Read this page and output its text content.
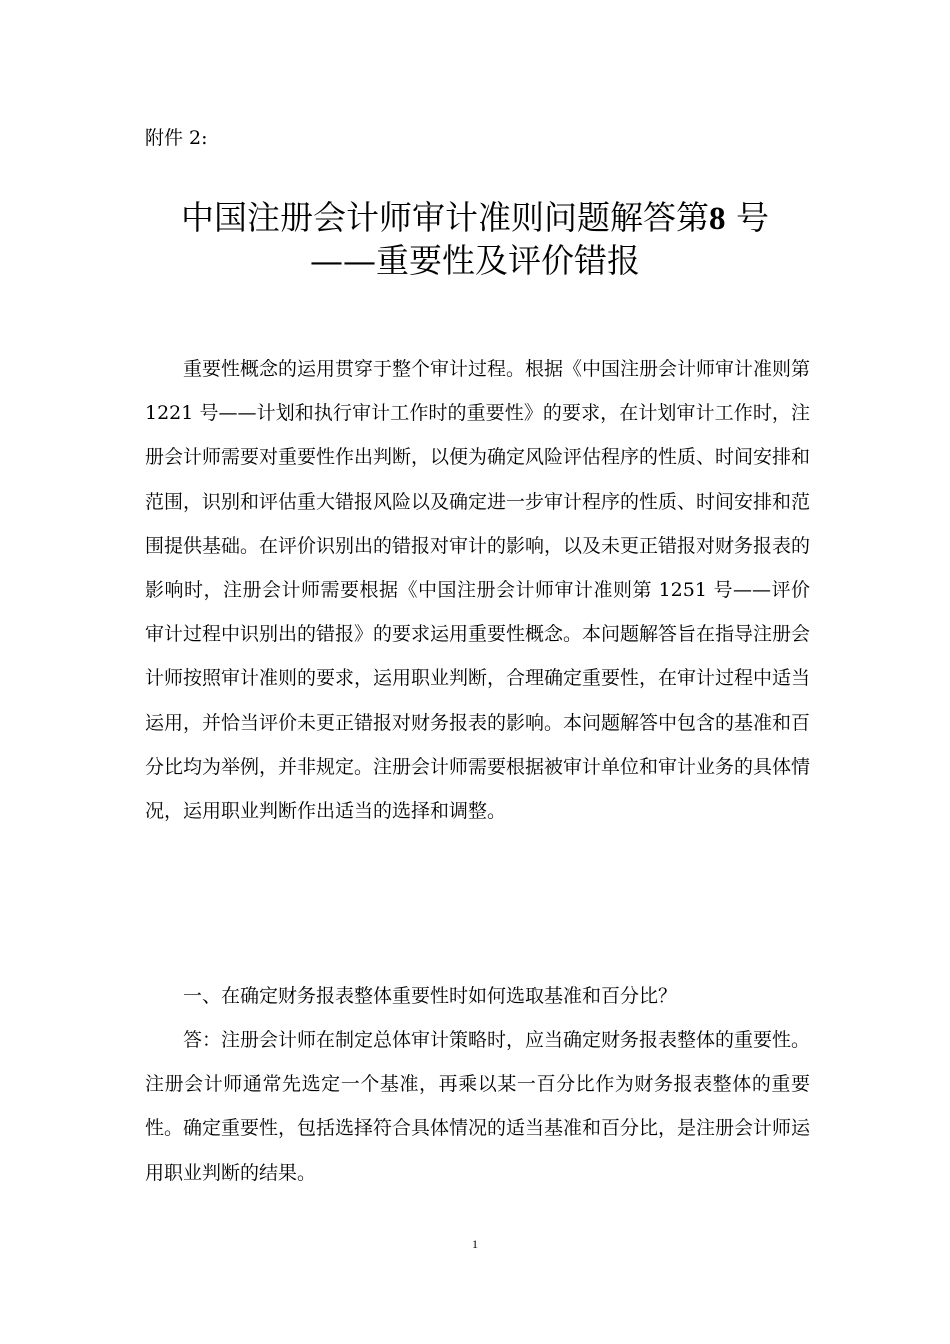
附件 2:
中国注册会计师审计准则问题解答第8 号
——重要性及评价错报

重要性概念的运用贯穿于整个审计过程。根据《中国注册会计师审计准则第 1221 号——计划和执行审计工作时的重要性》的要求，在计划审计工作时，注册会计师需要对重要性作出判断，以便为确定风险评估程序的性质、时间安排和范围，识别和评估重大错报风险以及确定进一步审计程序的性质、时间安排和范围提供基础。在评价识别出的错报对审计的影响，以及未更正错报对财务报表的影响时，注册会计师需要根据《中国注册会计师审计准则第 1251 号——评价审计过程中识别出的错报》的要求运用重要性概念。本问题解答旨在指导注册会计师按照审计准则的要求，运用职业判断，合理确定重要性，在审计过程中适当运用，并恰当评价未更正错报对财务报表的影响。本问题解答中包含的基准和百分比均为举例，并非规定。注册会计师需要根据被审计单位和审计业务的具体情况，运用职业判断作出适当的选择和调整。

一、在确定财务报表整体重要性时如何选取基准和百分比？

答：注册会计师在制定总体审计策略时，应当确定财务报表整体的重要性。注册会计师通常先选定一个基准，再乘以某一百分比作为财务报表整体的重要性。确定重要性，包括选择符合具体情况的适当基准和百分比，是注册会计师运用职业判断的结果。

1
